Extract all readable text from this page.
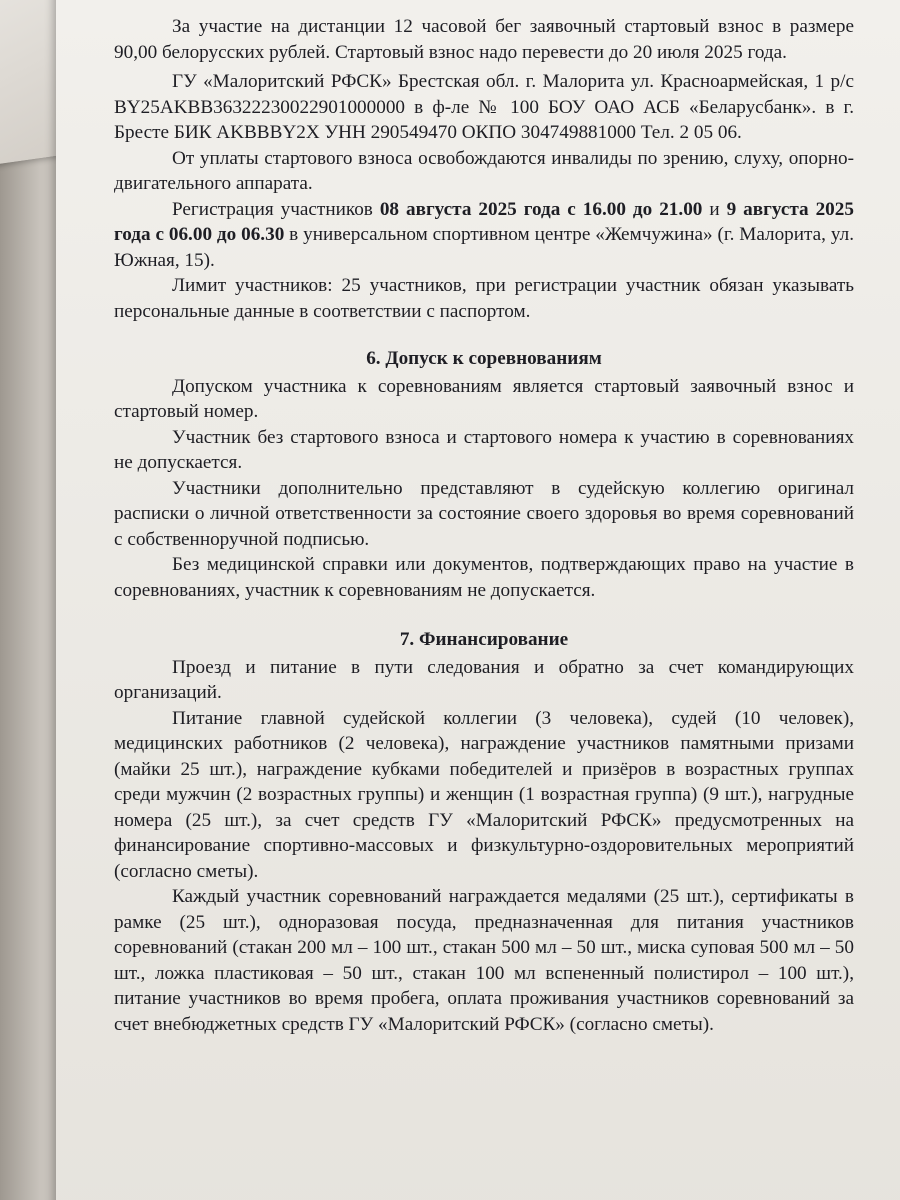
За участие на дистанции 12 часовой бег заявочный стартовый взнос в размере 90,00 белорусских рублей. Стартовый взнос надо перевести до 20 июля 2025 года.

ГУ «Малоритский РФСК» Брестская обл. г. Малорита ул. Красноармейская, 1 р/с BY25AKBB36322230022901000000 в ф-ле № 100 БОУ ОАО АСБ «Беларусбанк». в г. Бресте БИК AKBBBY2X УНН 290549470 ОКПО 304749881000 Тел. 2 05 06.

От уплаты стартового взноса освобождаются инвалиды по зрению, слуху, опорно-двигательного аппарата.

Регистрация участников 08 августа 2025 года с 16.00 до 21.00 и 9 августа 2025 года с 06.00 до 06.30 в универсальном спортивном центре «Жемчужина» (г. Малорита, ул. Южная, 15).

Лимит участников: 25 участников, при регистрации участник обязан указывать персональные данные в соответствии с паспортом.

6. Допуск к соревнованиям

Допуском участника к соревнованиям является стартовый заявочный взнос и стартовый номер.

Участник без стартового взноса и стартового номера к участию в соревнованиях не допускается.

Участники дополнительно представляют в судейскую коллегию оригинал расписки о личной ответственности за состояние своего здоровья во время соревнований с собственноручной подписью.

Без медицинской справки или документов, подтверждающих право на участие в соревнованиях, участник к соревнованиям не допускается.

7. Финансирование

Проезд и питание в пути следования и обратно за счет командирующих организаций.

Питание главной судейской коллегии (3 человека), судей (10 человек), медицинских работников (2 человека), награждение участников памятными призами (майки 25 шт.), награждение кубками победителей и призёров в возрастных группах среди мужчин (2 возрастных группы) и женщин (1 возрастная группа) (9 шт.), нагрудные номера (25 шт.), за счет средств ГУ «Малоритский РФСК» предусмотренных на финансирование спортивно-массовых и физкультурно-оздоровительных мероприятий (согласно сметы).

Каждый участник соревнований награждается медалями (25 шт.), сертификаты в рамке (25 шт.), одноразовая посуда, предназначенная для питания участников соревнований (стакан 200 мл – 100 шт., стакан 500 мл – 50 шт., миска суповая 500 мл – 50 шт., ложка пластиковая – 50 шт., стакан 100 мл вспененный полистирол – 100 шт.), питание участников во время пробега, оплата проживания участников соревнований за счет внебюджетных средств ГУ «Малоритский РФСК» (согласно сметы).
